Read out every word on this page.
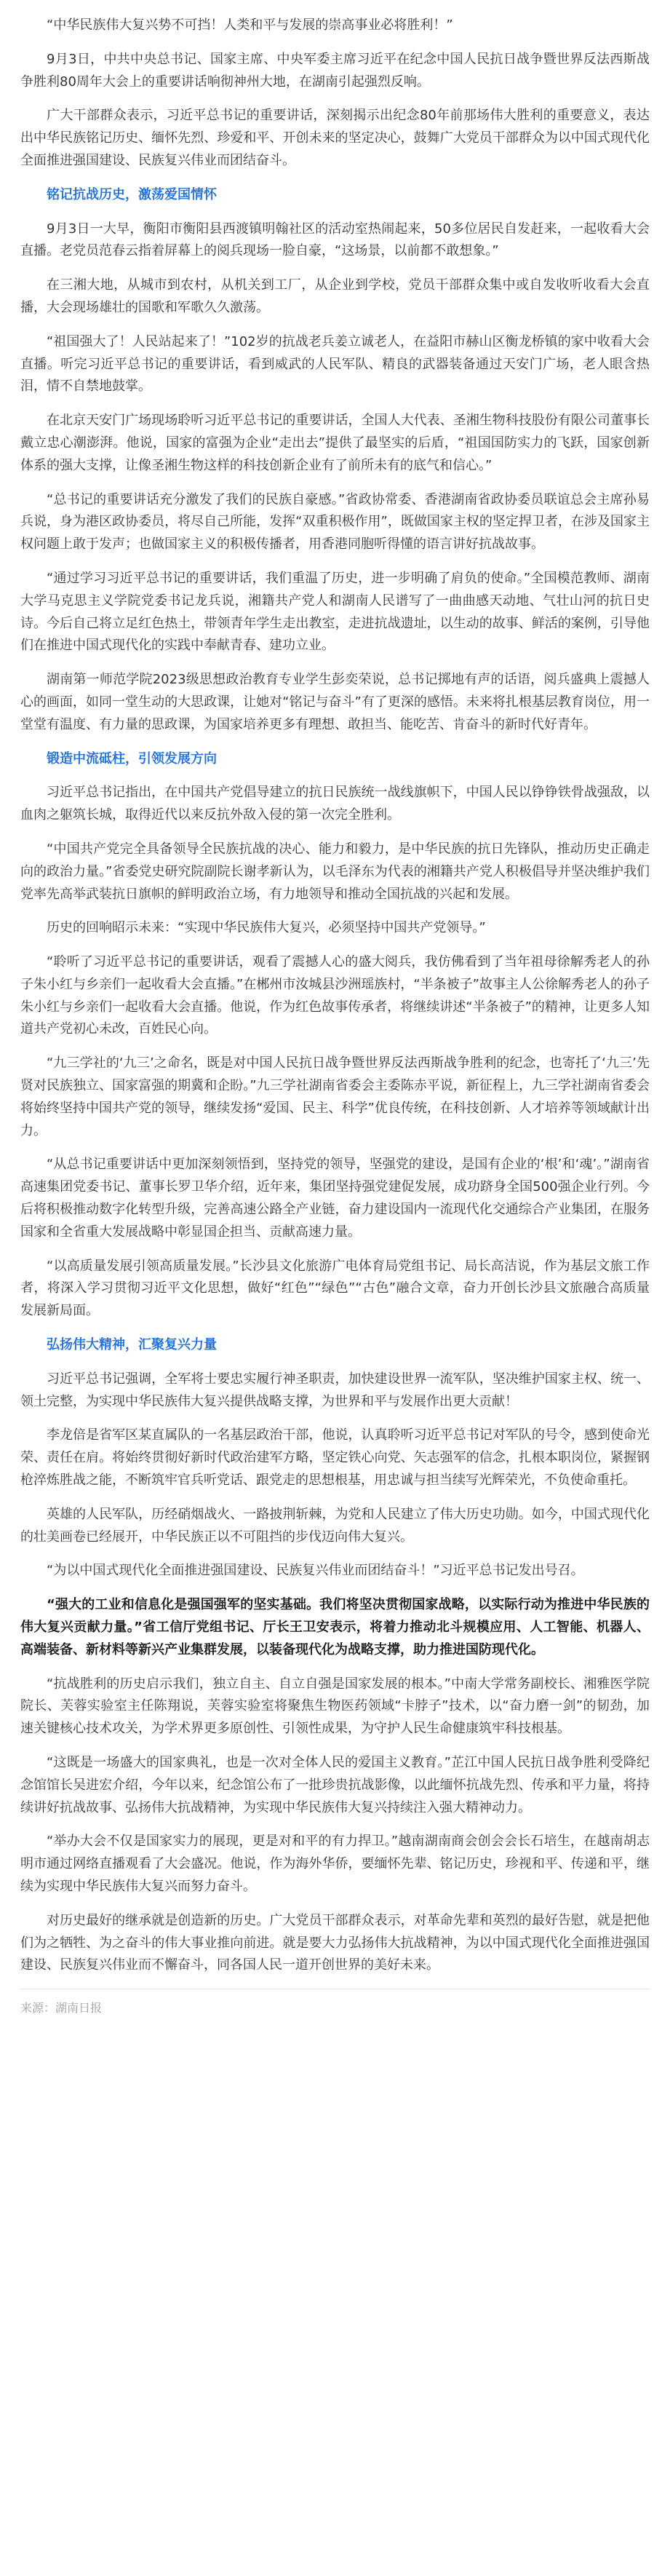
“中华民族伟大复兴势不可挡！人类和平与发展的崇高事业必将胜利！”

9月3日，中共中央总书记、国家主席、中央军委主席习近平在纪念中国人民抗日战争暨世界反法西斯战争胜利80周年大会上的重要讲话响彻神州大地，在湖南引起强烈反响。

广大干部群众表示，习近平总书记的重要讲话，深刻揭示出纪念80年前那场伟大胜利的重要意义，表达出中华民族铭记历史、缅怀先烈、珍爱和平、开创未来的坚定决心，鼓舞广大党员干部群众为以中国式现代化全面推进强国建设、民族复兴伟业而团结奋斗。

铭记抗战历史，激荡爱国情怀

9月3日一大早，衡阳市衡阳县西渡镇明翰社区的活动室热闹起来，50多位居民自发赶来，一起收看大会直播。老党员范春云指着屏幕上的阅兵现场一脸自豪，“这场景，以前都不敢想象。”

在三湘大地，从城市到农村，从机关到工厂，从企业到学校，党员干部群众集中或自发收听收看大会直播，大会现场雄壮的国歌和军歌久久激荡。

“祖国强大了！人民站起来了！”102岁的抗战老兵姜立诚老人，在益阳市赫山区衡龙桥镇的家中收看大会直播。听完习近平总书记的重要讲话，看到威武的人民军队、精良的武器装备通过天安门广场，老人眼含热泪，情不自禁地鼓掌。

在北京天安门广场现场聆听习近平总书记的重要讲话，全国人大代表、圣湘生物科技股份有限公司董事长戴立忠心潮澎湃。他说，国家的富强为企业“走出去”提供了最坚实的后盾，“祖国国防实力的飞跃，国家创新体系的强大支撑，让像圣湘生物这样的科技创新企业有了前所未有的底气和信心。”

“总书记的重要讲话充分激发了我们的民族自豪感。”省政协常委、香港湖南省政协委员联谊总会主席孙易兵说，身为港区政协委员，将尽自己所能，发挥“双重积极作用”，既做国家主权的坚定捍卫者，在涉及国家主权问题上敢于发声；也做国家主义的积极传播者，用香港同胞听得懂的语言讲好抗战故事。

“通过学习习近平总书记的重要讲话，我们重温了历史，进一步明确了肩负的使命。”全国模范教师、湖南大学马克思主义学院党委书记龙兵说，湘籍共产党人和湖南人民谱写了一曲曲感天动地、气壮山河的抗日史诗。今后自己将立足红色热土，带领青年学生走出教室，走进抗战遗址，以生动的故事、鲜活的案例，引导他们在推进中国式现代化的实践中奉献青春、建功立业。

湖南第一师范学院2023级思想政治教育专业学生彭奕荣说，总书记掷地有声的话语，阅兵盛典上震撼人心的画面，如同一堂生动的大思政课，让她对“铭记与奋斗”有了更深的感悟。未来将扎根基层教育岗位，用一堂堂有温度、有力量的思政课，为国家培养更多有理想、敢担当、能吃苦、肯奋斗的新时代好青年。

锻造中流砥柱，引领发展方向

习近平总书记指出，在中国共产党倡导建立的抗日民族统一战线旗帜下，中国人民以铮铮铁骨战强敌，以血肉之躯筑长城，取得近代以来反抗外敌入侵的第一次完全胜利。

“中国共产党完全具备领导全民族抗战的决心、能力和毅力，是中华民族的抗日先锋队，推动历史正确走向的政治力量。”省委党史研究院副院长谢孝新认为，以毛泽东为代表的湘籍共产党人积极倡导并坚决维护我们党率先高举武装抗日旗帜的鲜明政治立场，有力地领导和推动全国抗战的兴起和发展。

历史的回响昭示未来：“实现中华民族伟大复兴，必须坚持中国共产党领导。”

“聆听了习近平总书记的重要讲话，观看了震撼人心的盛大阅兵，我仿佛看到了当年祖母徐解秀老人的孙子朱小红与乡亲们一起收看大会直播。”在郴州市汝城县沙洲瑶族村，“半条被子”故事主人公徐解秀老人的孙子朱小红与乡亲们一起收看大会直播。他说，作为红色故事传承者，将继续讲述“半条被子”的精神，让更多人知道共产党初心未改，百姓民心向。

“九三学社的‘九三’之命名，既是对中国人民抗日战争暨世界反法西斯战争胜利的纪念，也寄托了‘九三’先贤对民族独立、国家富强的期冀和企盼。”九三学社湖南省委会主委陈赤平说，新征程上，九三学社湖南省委会将始终坚持中国共产党的领导，继续发扬“爱国、民主、科学”优良传统，在科技创新、人才培养等领域献计出力。

“从总书记重要讲话中更加深刻领悟到，坚持党的领导，坚强党的建设，是国有企业的‘根’和‘魂’。”湖南省高速集团党委书记、董事长罗卫华介绍，近年来，集团坚持强党建促发展，成功跻身全国500强企业行列。今后将积极推动数字化转型升级，完善高速公路全产业链，奋力建设国内一流现代化交通综合产业集团，在服务国家和全省重大发展战略中彰显国企担当、贡献高速力量。

“以高质量发展引领高质量发展。”长沙县文化旅游广电体育局党组书记、局长高洁说，作为基层文旅工作者，将深入学习贯彻习近平文化思想，做好“红色”“绿色”“古色”融合文章，奋力开创长沙县文旅融合高质量发展新局面。

弘扬伟大精神，汇聚复兴力量

习近平总书记强调，全军将士要忠实履行神圣职责，加快建设世界一流军队，坚决维护国家主权、统一、领土完整，为实现中华民族伟大复兴提供战略支撑，为世界和平与发展作出更大贡献！

李龙倍是省军区某直属队的一名基层政治干部，他说，认真聆听习近平总书记对军队的号令，感到使命光荣、责任在肩。将始终贯彻好新时代政治建军方略，坚定铁心向党、矢志强军的信念，扎根本职岗位，紧握钢枪淬炼胜战之能，不断筑牢官兵听党话、跟党走的思想根基，用忠诚与担当续写光辉荣光，不负使命重托。

英雄的人民军队，历经硝烟战火、一路披荆斩棘，为党和人民建立了伟大历史功勋。如今，中国式现代化的壮美画卷已经展开，中华民族正以不可阻挡的步伐迈向伟大复兴。

“为以中国式现代化全面推进强国建设、民族复兴伟业而团结奋斗！”习近平总书记发出号召。

“强大的工业和信息化是强国强军的坚实基础。我们将坚决贯彻国家战略，以实际行动为推进中华民族的伟大复兴贡献力量。”省工信厅党组书记、厅长王卫安表示，将着力推动北斗规模应用、人工智能、机器人、高端装备、新材料等新兴产业集群发展，以装备现代化为战略支撑，助力推进国防现代化。

“抗战胜利的历史启示我们，独立自主、自立自强是国家发展的根本。”中南大学常务副校长、湘雅医学院院长、芙蓉实验室主任陈翔说，芙蓉实验室将聚焦生物医药领域“卡脖子”技术，以“奋力磨一剑”的韧劲，加速关键核心技术攻关，为学术界更多原创性、引领性成果，为守护人民生命健康筑牢科技根基。

“这既是一场盛大的国家典礼，也是一次对全体人民的爱国主义教育。”芷江中国人民抗日战争胜利受降纪念馆馆长吴进宏介绍，今年以来，纪念馆公布了一批珍贵抗战影像，以此缅怀抗战先烈、传承和平力量，将持续讲好抗战故事、弘扬伟大抗战精神，为实现中华民族伟大复兴持续注入强大精神动力。

“举办大会不仅是国家实力的展现，更是对和平的有力捍卫。”越南湖南商会创会会长石培生，在越南胡志明市通过网络直播观看了大会盛况。他说，作为海外华侨，要缅怀先辈、铭记历史，珍视和平、传递和平，继续为实现中华民族伟大复兴而努力奋斗。

对历史最好的继承就是创造新的历史。广大党员干部群众表示，对革命先辈和英烈的最好告慰，就是把他们为之牺牲、为之奋斗的伟大事业推向前进。就是要大力弘扬伟大抗战精神，为以中国式现代化全面推进强国建设、民族复兴伟业而不懈奋斗，同各国人民一道开创世界的美好未来。

来源：湖南日报
